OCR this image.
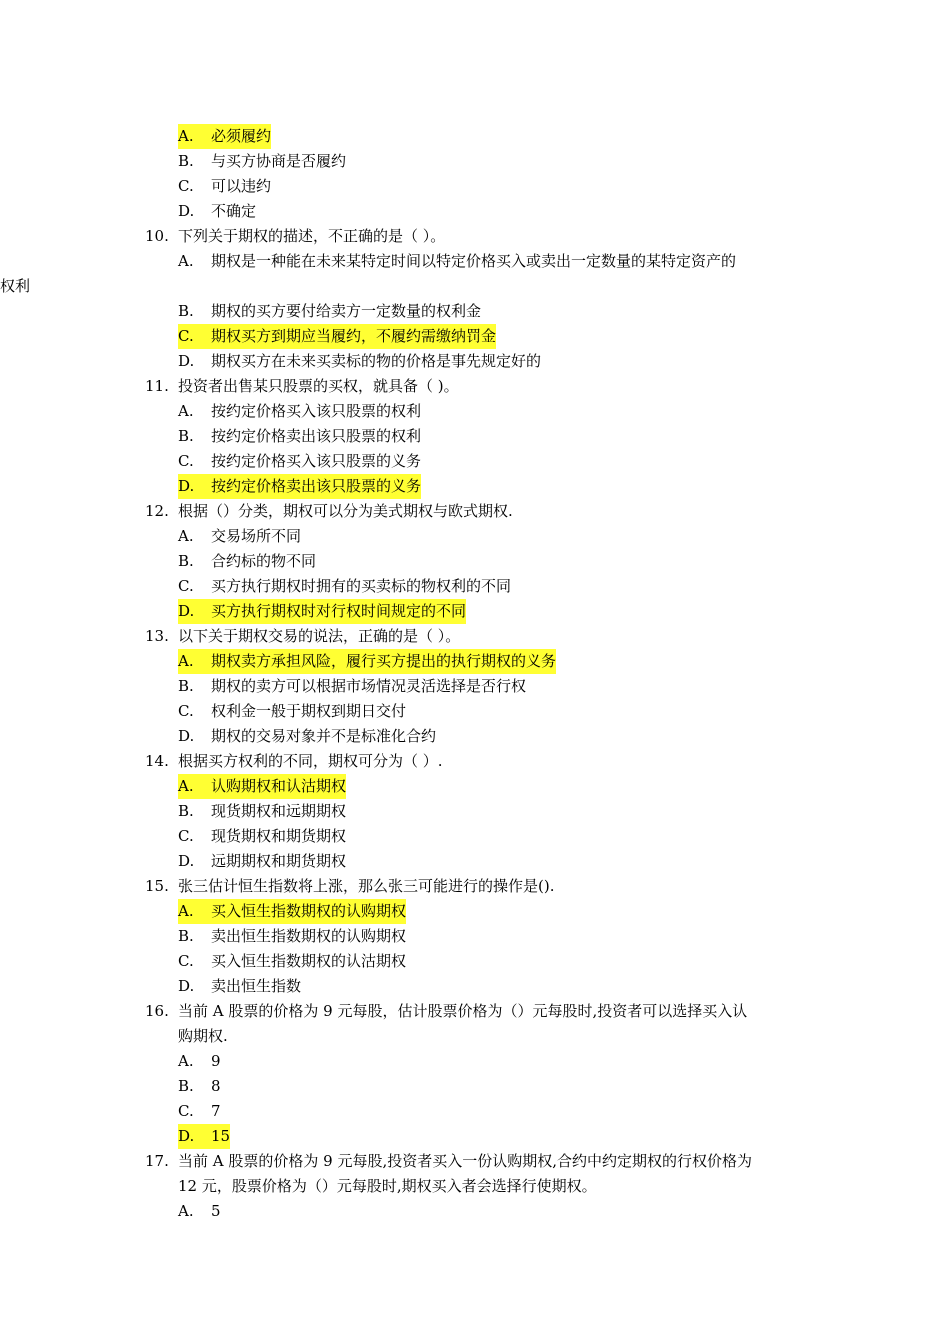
A. 必须履约
B. 与买方协商是否履约
C. 可以违约
D. 不确定
10. 下列关于期权的描述，不正确的是（ ）。
A. 期权是一种能在未来某特定时间以特定价格买入或卖出一定数量的某特定资产的
权利
B. 期权的买方要付给卖方一定数量的权利金
C. 期权买方到期应当履约，不履约需缴纳罚金
D. 期权买方在未来买卖标的物的价格是事先规定好的
11. 投资者出售某只股票的买权，就具备（ )。
A. 按约定价格买入该只股票的权利
B. 按约定价格卖出该只股票的权利
C. 按约定价格买入该只股票的义务
D. 按约定价格卖出该只股票的义务
12. 根据（）分类，期权可以分为美式期权与欧式期权.
A. 交易场所不同
B. 合约标的物不同
C. 买方执行期权时拥有的买卖标的物权利的不同
D. 买方执行期权时对行权时间规定的不同
13. 以下关于期权交易的说法，正确的是（ ）。
A. 期权卖方承担风险，履行买方提出的执行期权的义务
B. 期权的卖方可以根据市场情况灵活选择是否行权
C. 权利金一般于期权到期日交付
D. 期权的交易对象并不是标准化合约
14. 根据买方权利的不同，期权可分为（ ）.
A. 认购期权和认沽期权
B. 现货期权和远期期权
C. 现货期权和期货期权
D. 远期期权和期货期权
15. 张三估计恒生指数将上涨，那么张三可能进行的操作是().
A. 买入恒生指数期权的认购期权
B. 卖出恒生指数期权的认购期权
C. 买入恒生指数期权的认沽期权
D. 卖出恒生指数
16. 当前 A 股票的价格为 9 元每股，估计股票价格为（）元每股时,投资者可以选择买入认
购期权.
A. 9
B. 8
C. 7
D. 15
17. 当前 A 股票的价格为 9 元每股,投资者买入一份认购期权,合约中约定期权的行权价格为
12 元，股票价格为（）元每股时,期权买入者会选择行使期权。
A. 5
